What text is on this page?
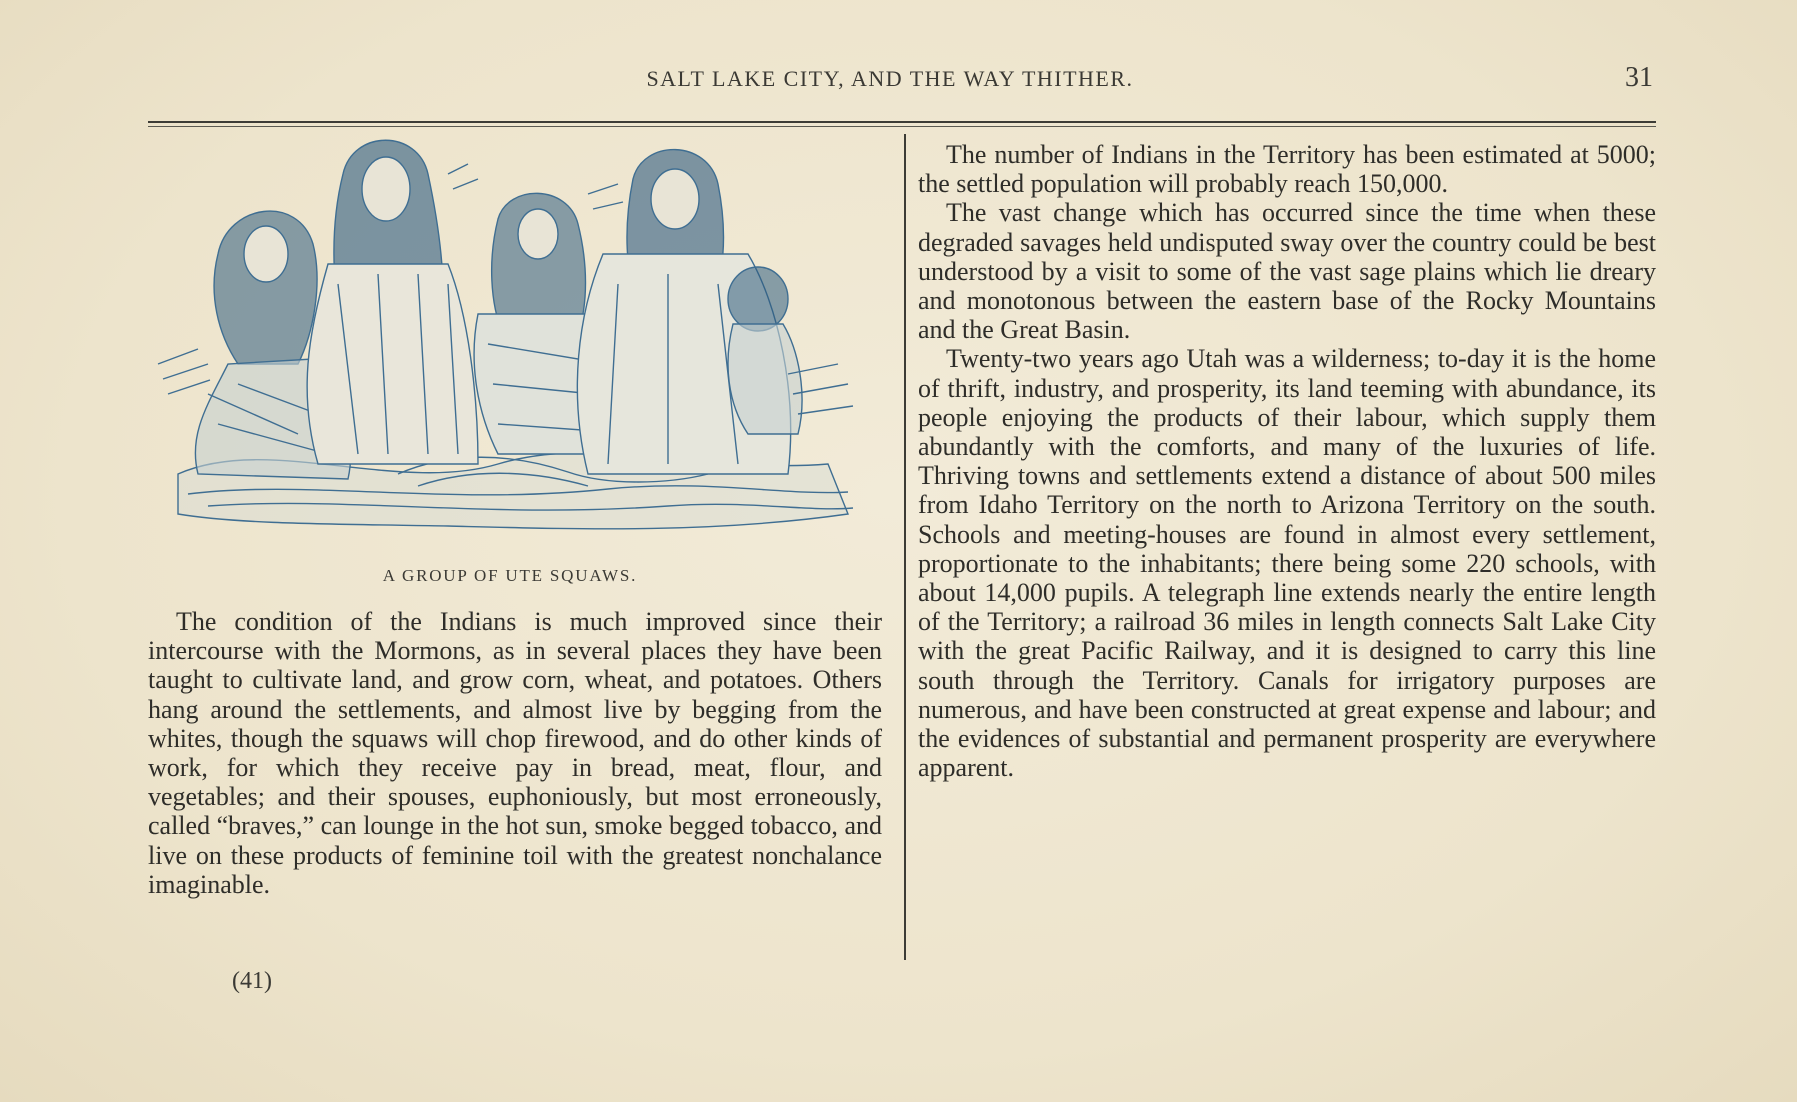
SALT LAKE CITY, AND THE WAY THITHER.	31
A GROUP OF UTE SQUAWS.

The condition of the Indians is much improved since their intercourse with the Mormons, as in several places they have been taught to cultivate land, and grow corn, wheat, and potatoes. Others hang around the settlements, and almost live by begging from the whites, though the squaws will chop firewood, and do other kinds of work, for which they receive pay in bread, meat, flour, and vegetables; and their spouses, euphoniously, but most erroneously, called “braves,” can lounge in the hot sun, smoke begged tobacco, and live on these products of feminine toil with the greatest nonchalance imaginable.

(41)

The number of Indians in the Territory has been estimated at 5000; the settled population will probably reach 150,000.

The vast change which has occurred since the time when these degraded savages held undisputed sway over the country could be best understood by a visit to some of the vast sage plains which lie dreary and monotonous between the eastern base of the Rocky Mountains and the Great Basin.

Twenty-two years ago Utah was a wilderness; to-day it is the home of thrift, industry, and prosperity, its land teeming with abundance, its people enjoying the products of their labour, which supply them abundantly with the comforts, and many of the luxuries of life. Thriving towns and settlements extend a distance of about 500 miles from Idaho Territory on the north to Arizona Territory on the south. Schools and meeting-houses are found in almost every settlement, proportionate to the inhabitants; there being some 220 schools, with about 14,000 pupils. A telegraph line extends nearly the entire length of the Territory; a railroad 36 miles in length connects Salt Lake City with the great Pacific Railway, and it is designed to carry this line south through the Territory. Canals for irrigatory purposes are numerous, and have been constructed at great expense and labour; and the evidences of substantial and permanent prosperity are everywhere apparent.
